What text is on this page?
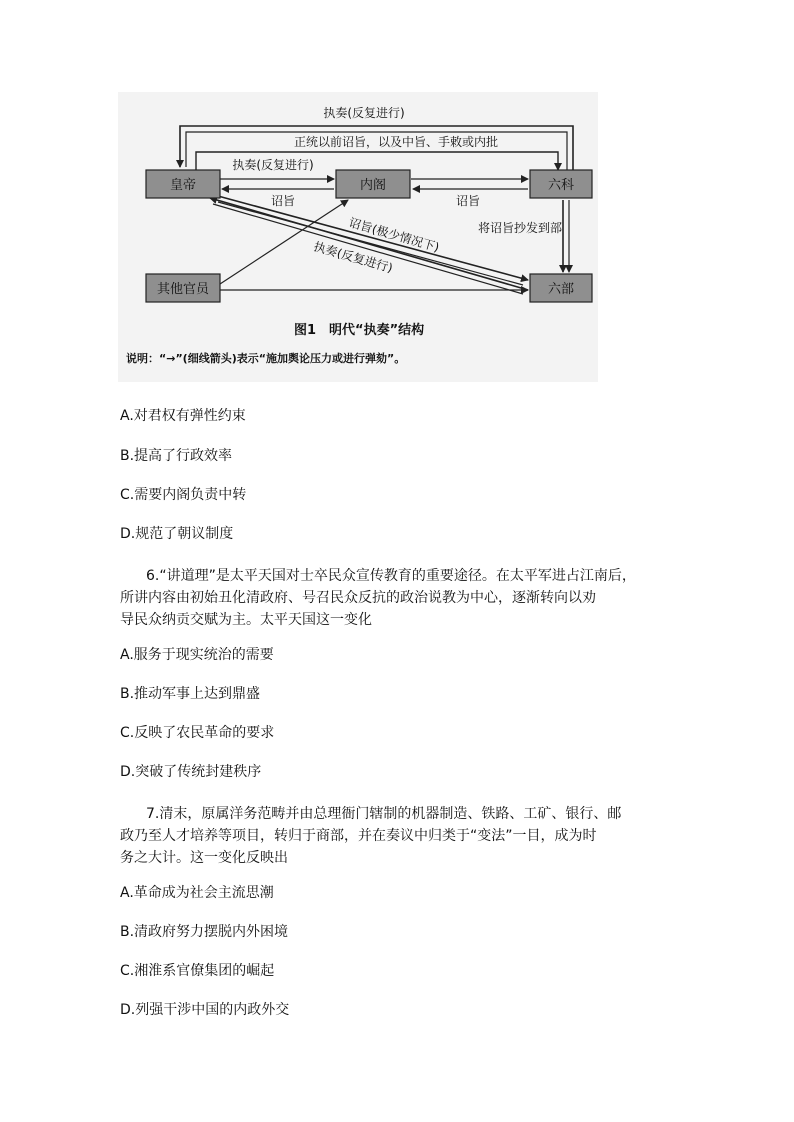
皇帝	内阁	六科
其他官员	六部
执奏(反复进行)
正统以前诏旨，以及中旨、手敕或内批
执奏(反复进行)
诏旨	诏旨
诏旨(极少情况下)
执奏(反复进行)
将诏旨抄发到部
图1　明代“执奏”结构
说明：“→”(细线箭头)表示“施加舆论压力或进行弹劾”。
A.对君权有弹性约束
B.提高了行政效率
C.需要内阁负责中转
D.规范了朝议制度
6.“讲道理”是太平天国对士卒民众宣传教育的重要途径。在太平军进占江南后，
所讲内容由初始丑化清政府、号召民众反抗的政治说教为中心，逐渐转向以劝
导民众纳贡交赋为主。太平天国这一变化
A.服务于现实统治的需要
B.推动军事上达到鼎盛
C.反映了农民革命的要求
D.突破了传统封建秩序
7.清末，原属洋务范畴并由总理衙门辖制的机器制造、铁路、工矿、银行、邮
政乃至人才培养等项目，转归于商部，并在奏议中归类于“变法”一目，成为时
务之大计。这一变化反映出
A.革命成为社会主流思潮
B.清政府努力摆脱内外困境
C.湘淮系官僚集团的崛起
D.列强干涉中国的内政外交
